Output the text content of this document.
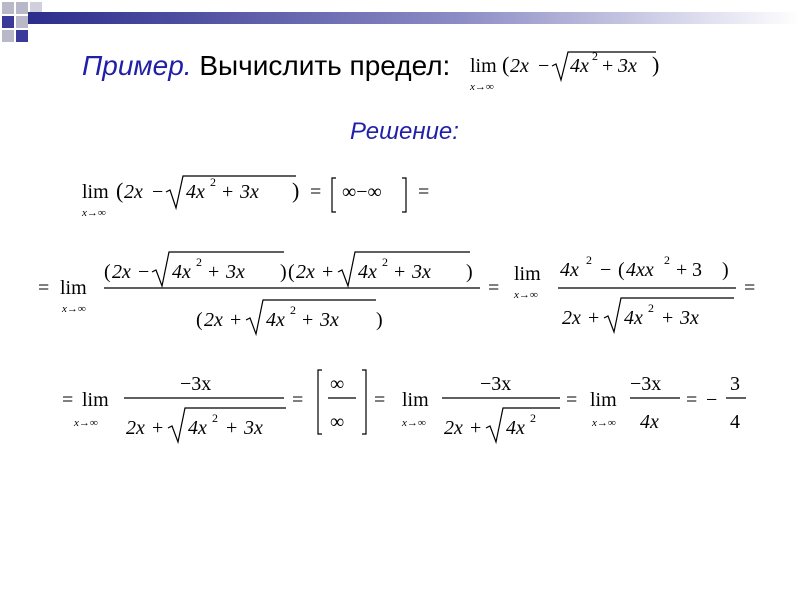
Пример. Вычислить предел: lim
x→∞
( 2x − 4x 2 + 3x )
Решение:
lim
x→∞
( 2x − 4x 2 + 3x ) = ∞−∞ =
= lim
x→∞
( 2x − 4x 2 + 3x ) ( 2x + 4x 2 + 3x )
( 2x + 4x 2 + 3x )
=
lim
x→∞
4x 2 − ( 4xx 2 + 3 )
2x + 4x 2 + 3x
=
= lim
x→∞
−3x
2x + 4x 2 + 3x
=
∞
∞
= lim
x→∞
−3x
2x + 4x 2
= lim
x→∞
−3x
4x
= −
3
4
